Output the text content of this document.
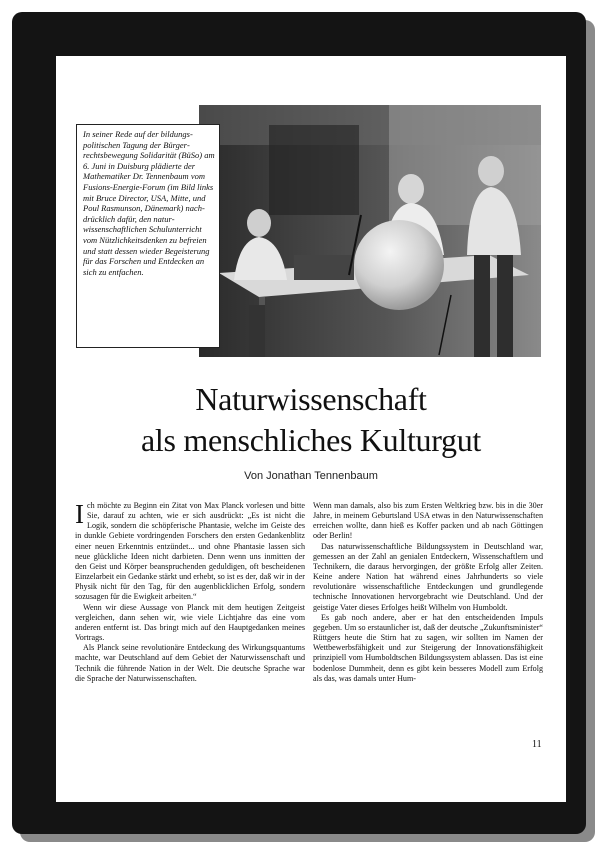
In seiner Rede auf der bildungspolitischen Tagung der Bürgerrechtsbewegung Solidarität (BüSo) am 6. Juni in Duisburg plädierte der Mathematiker Dr. Tennenbaum vom Fusions-Energie-Forum (im Bild links mit Bruce Director, USA, Mitte, und Poul Rasmunson, Dänemark) nachdrücklich dafür, den naturwissenschaftlichen Schulunterricht vom Nützlichkeitsdenken zu befreien und statt dessen wieder Begeisterung für das Forschen und Entdecken an sich zu entfachen.
Naturwissenschaft
als menschliches Kulturgut
Von Jonathan Tennenbaum

Ich möchte zu Beginn ein Zitat von Max Planck vorlesen und bitte Sie, darauf zu achten, wie er sich ausdrückt: „Es ist nicht die Logik, sondern die schöpferische Phantasie, welche im Geiste des in dunkle Gebiete vordringenden Forschers den ersten Gedankenblitz einer neuen Erkenntnis entzündet... und ohne Phantasie lassen sich neue glückliche Ideen nicht darbieten. Denn wenn uns inmitten der den Geist und Körper beanspruchenden geduldigen, oft bescheidenen Einzelarbeit ein Gedanke stärkt und erhebt, so ist es der, daß wir in der Physik nicht für den Tag, für den augenblicklichen Erfolg, sondern sozusagen für die Ewigkeit arbeiten.“

Wenn wir diese Aussage von Planck mit dem heutigen Zeitgeist vergleichen, dann sehen wir, wie viele Lichtjahre das eine vom anderen entfernt ist. Das bringt mich auf den Hauptgedanken meines Vortrags.

Als Planck seine revolutionäre Entdeckung des Wirkungsquantums machte, war Deutschland auf dem Gebiet der Naturwissenschaft und Technik die führende Nation in der Welt. Die deutsche Sprache war die Sprache der Naturwissenschaften.

Wenn man damals, also bis zum Ersten Weltkrieg bzw. bis in die 30er Jahre, in meinem Geburtsland USA etwas in den Naturwissenschaften erreichen wollte, dann hieß es Koffer packen und ab nach Göttingen oder Berlin!

Das naturwissenschaftliche Bildungssystem in Deutschland war, gemessen an der Zahl an genialen Entdeckern, Wissenschaftlern und Technikern, die daraus hervorgingen, der größte Erfolg aller Zeiten. Keine andere Nation hat während eines Jahrhunderts so viele revolutionäre wissenschaftliche Entdeckungen und grundlegende technische Innovationen hervorgebracht wie Deutschland. Und der geistige Vater dieses Erfolges heißt Wilhelm von Humboldt.

Es gab noch andere, aber er hat den entscheidenden Impuls gegeben. Um so erstaunlicher ist, daß der deutsche „Zukunftsminister“ Rüttgers heute die Stirn hat zu sagen, wir sollten im Namen der Wettbewerbsfähigkeit und zur Steigerung der Innovationsfähigkeit prinzipiell vom Humboldtschen Bildungssystem ablassen. Das ist eine bodenlose Dummheit, denn es gibt kein besseres Modell zum Erfolg als das, was damals unter Hum-

11
